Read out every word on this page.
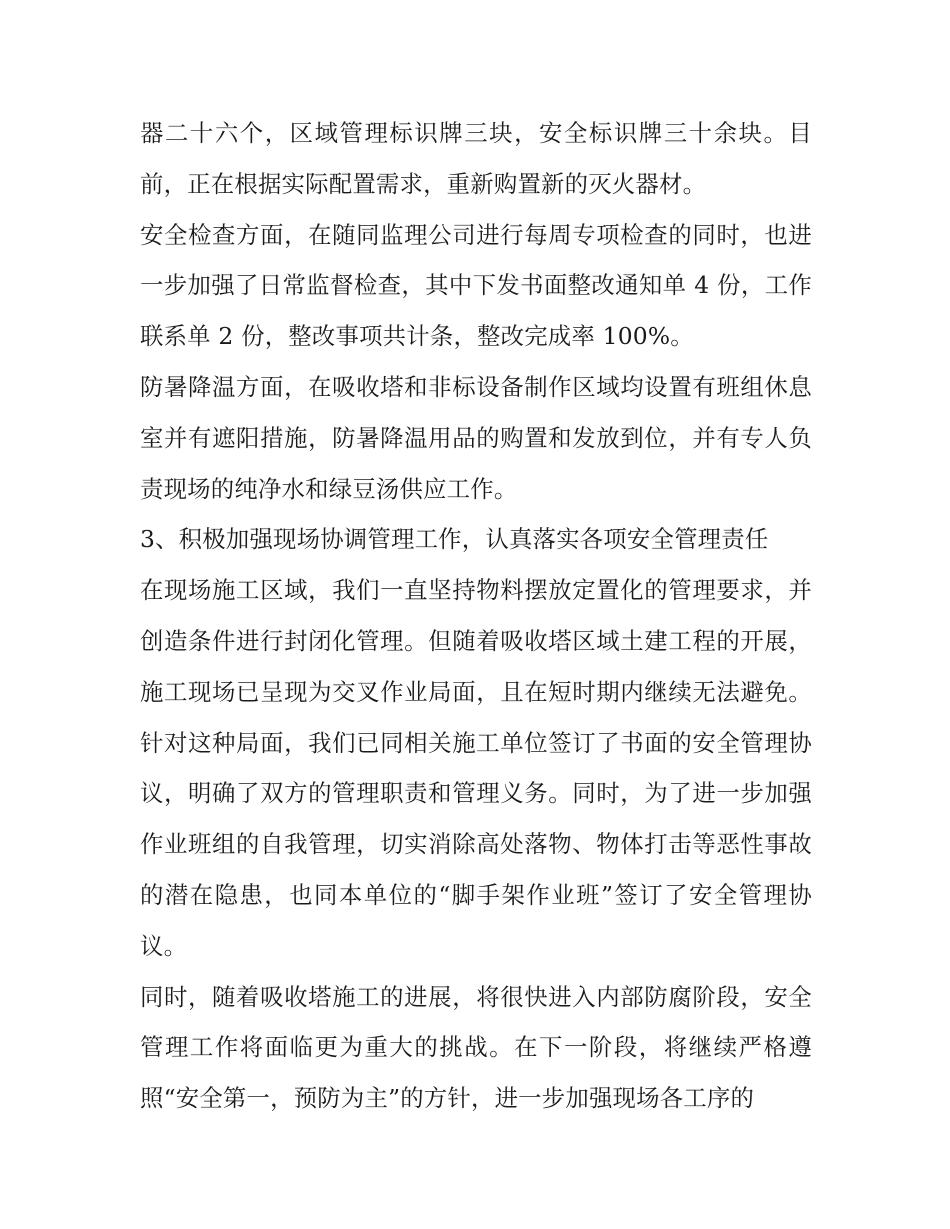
器二十六个，区域管理标识牌三块，安全标识牌三十余块。目前，正在根据实际配置需求，重新购置新的灭火器材。

安全检查方面，在随同监理公司进行每周专项检查的同时，也进一步加强了日常监督检查，其中下发书面整改通知单 4 份，工作联系单 2 份，整改事项共计条，整改完成率 100%。

防暑降温方面，在吸收塔和非标设备制作区域均设置有班组休息室并有遮阳措施，防暑降温用品的购置和发放到位，并有专人负责现场的纯净水和绿豆汤供应工作。

3、积极加强现场协调管理工作，认真落实各项安全管理责任

在现场施工区域，我们一直坚持物料摆放定置化的管理要求，并创造条件进行封闭化管理。但随着吸收塔区域土建工程的开展，施工现场已呈现为交叉作业局面，且在短时期内继续无法避免。针对这种局面，我们已同相关施工单位签订了书面的安全管理协议，明确了双方的管理职责和管理义务。同时，为了进一步加强作业班组的自我管理，切实消除高处落物、物体打击等恶性事故的潜在隐患，也同本单位的“脚手架作业班”签订了安全管理协议。

同时，随着吸收塔施工的进展，将很快进入内部防腐阶段，安全管理工作将面临更为重大的挑战。在下一阶段，将继续严格遵照“安全第一，预防为主”的方针，进一步加强现场各工序的
